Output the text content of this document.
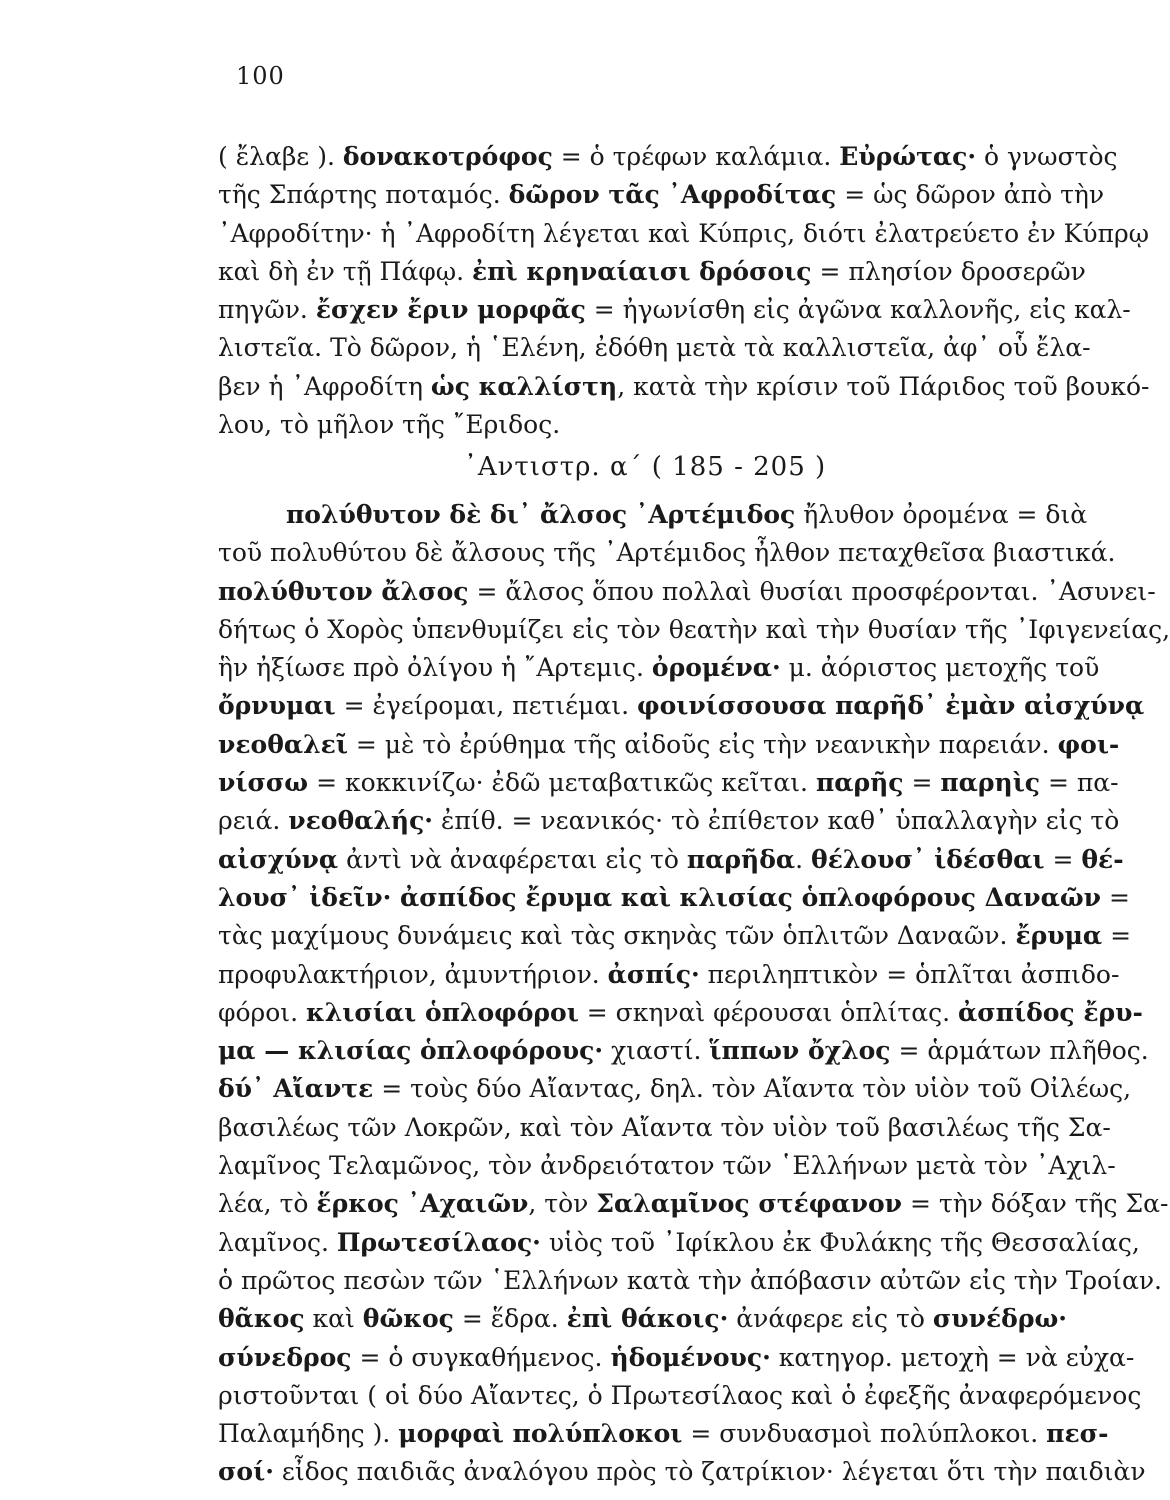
100
( ἔλαβε ). δονακοτρόφος = ὁ τρέφων καλάμια. Εὐρώτας· ὁ γνωστὸς
τῆς Σπάρτης ποταμός. δῶρον τᾶς ᾿Αφροδίτας = ὡς δῶρον ἀπὸ τὴν
᾿Αφροδίτην· ἡ ᾿Αφροδίτη λέγεται καὶ Κύπρις, διότι ἐλατρεύετο ἐν Κύπρῳ
καὶ δὴ ἐν τῇ Πάφῳ. ἐπὶ κρηναίαισι δρόσοις = πλησίον δροσερῶν
πηγῶν. ἔσχεν ἔριν μορφᾶς = ἠγωνίσθη εἰς ἀγῶνα καλλονῆς, εἰς καλ-
λιστεῖα. Τὸ δῶρον, ἡ ῾Ελένη, ἐδόθη μετὰ τὰ καλλιστεῖα, ἀφ᾿ οὗ ἔλα-
βεν ἡ ᾿Αφροδίτη ὡς καλλίστη, κατὰ τὴν κρίσιν τοῦ Πάριδος τοῦ βουκό-
λου, τὸ μῆλον τῆς ῎Εριδος.
᾿Αντιστρ. α´ ( 185 - 205 )
πολύθυτον δὲ δι᾿ ἄλσος ᾿Αρτέμιδος ἤλυθον ὀρομένα = διὰ
τοῦ πολυθύτου δὲ ἄλσους τῆς ᾿Αρτέμιδος ἦλθον πεταχθεῖσα βιαστικά.
πολύθυτον ἄλσος = ἄλσος ὅπου πολλαὶ θυσίαι προσφέρονται. ᾿Ασυνει-
δήτως ὁ Χορὸς ὑπενθυμίζει εἰς τὸν θεατὴν καὶ τὴν θυσίαν τῆς ᾿Ιφιγενείας,
ἣν ἠξίωσε πρὸ ὀλίγου ἡ ῎Αρτεμις. ὀρομένα· μ. ἀόριστος μετοχῆς τοῦ
ὄρνυμαι = ἐγείρομαι, πετιέμαι. φοινίσσουσα παρῆδ᾿ ἐμὰν αἰσχύνᾳ
νεοθαλεῖ = μὲ τὸ ἐρύθημα τῆς αἰδοῦς εἰς τὴν νεανικὴν παρειάν. φοι-
νίσσω = κοκκινίζω· ἐδῶ μεταβατικῶς κεῖται. παρῆς = παρηὶς = πα-
ρειά. νεοθαλής· ἐπίθ. = νεανικός· τὸ ἐπίθετον καθ᾿ ὑπαλλαγὴν εἰς τὸ
αἰσχύνᾳ ἀντὶ νὰ ἀναφέρεται εἰς τὸ παρῆδα. θέλουσ᾿ ἰδέσθαι = θέ-
λουσ᾿ ἰδεῖν· ἀσπίδος ἔρυμα καὶ κλισίας ὁπλοφόρους Δαναῶν =
τὰς μαχίμους δυνάμεις καὶ τὰς σκηνὰς τῶν ὁπλιτῶν Δαναῶν. ἔρυμα =
προφυλακτήριον, ἀμυντήριον. ἀσπίς· περιληπτικὸν = ὁπλῖται ἀσπιδο-
φόροι. κλισίαι ὁπλοφόροι = σκηναὶ φέρουσαι ὁπλίτας. ἀσπίδος ἔρυ-
μα — κλισίας ὁπλοφόρους· χιαστί. ἵππων ὄχλος = ἁρμάτων πλῆθος.
δύ᾿ Αἴαντε = τοὺς δύο Αἴαντας, δηλ. τὸν Αἴαντα τὸν υἱὸν τοῦ Οἰλέως,
βασιλέως τῶν Λοκρῶν, καὶ τὸν Αἴαντα τὸν υἱὸν τοῦ βασιλέως τῆς Σα-
λαμῖνος Τελαμῶνος, τὸν ἀνδρειότατον τῶν ῾Ελλήνων μετὰ τὸν ᾿Αχιλ-
λέα, τὸ ἕρκος ᾿Αχαιῶν, τὸν Σαλαμῖνος στέφανον = τὴν δόξαν τῆς Σα-
λαμῖνος. Πρωτεσίλαος· υἱὸς τοῦ ᾿Ιφίκλου ἐκ Φυλάκης τῆς Θεσσαλίας,
ὁ πρῶτος πεσὼν τῶν ῾Ελλήνων κατὰ τὴν ἀπόβασιν αὐτῶν εἰς τὴν Τροίαν.
θᾶκος καὶ θῶκος = ἕδρα. ἐπὶ θάκοις· ἀνάφερε εἰς τὸ συνέδρω·
σύνεδρος = ὁ συγκαθήμενος. ἡδομένους· κατηγορ. μετοχὴ = νὰ εὐχα-
ριστοῦνται ( οἱ δύο Αἴαντες, ὁ Πρωτεσίλαος καὶ ὁ ἐφεξῆς ἀναφερόμενος
Παλαμήδης ). μορφαὶ πολύπλοκοι = συνδυασμοὶ πολύπλοκοι. πεσ-
σοί· εἶδος παιδιᾶς ἀναλόγου πρὸς τὸ ζατρίκιον· λέγεται ὅτι τὴν παιδιὰν
